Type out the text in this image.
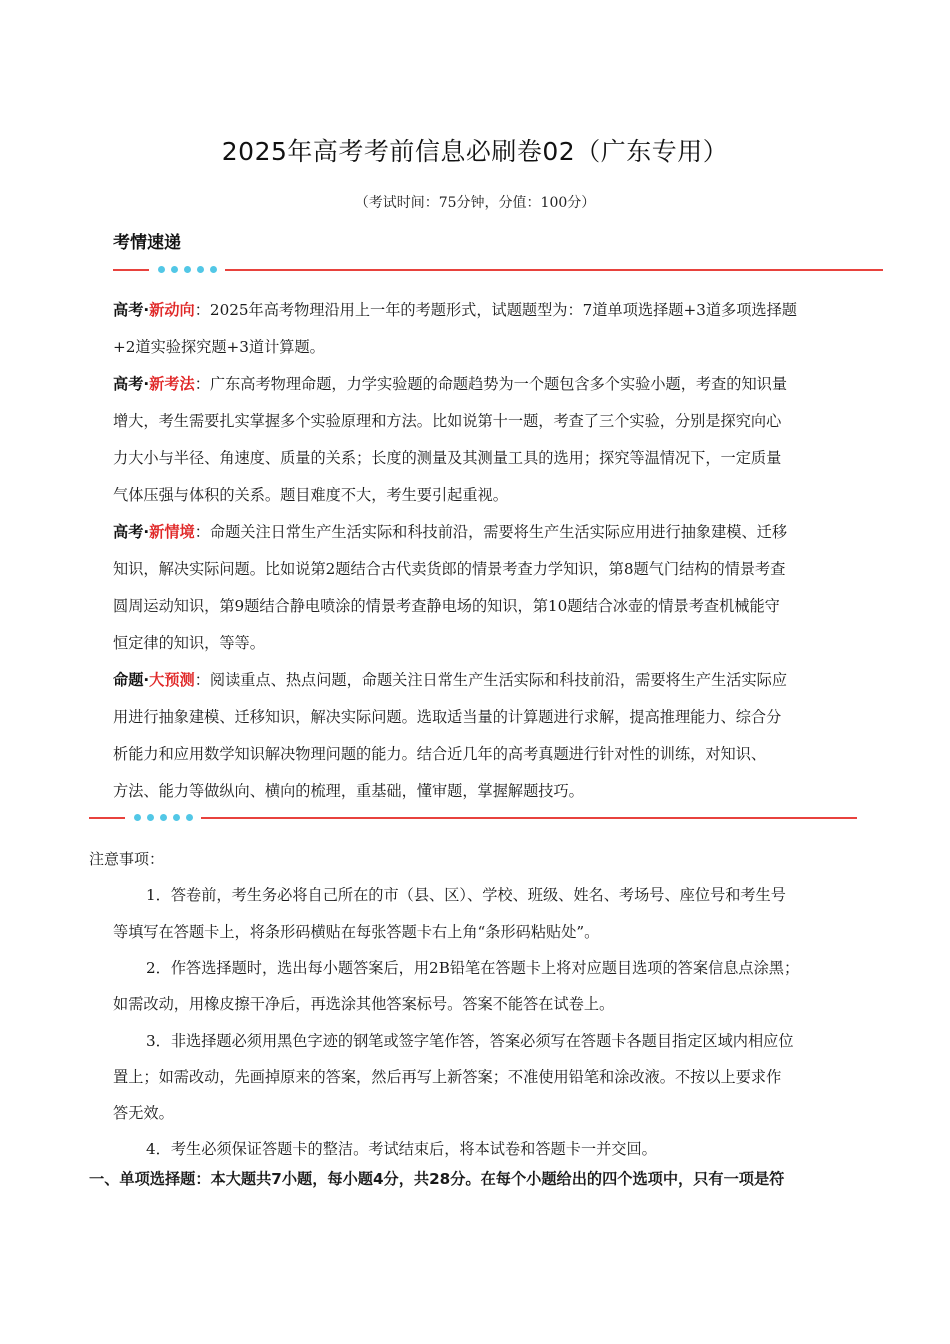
2025年高考考前信息必刷卷02（广东专用）
（考试时间：75分钟，分值：100分）
考情速递
高考·新动向：2025年高考物理沿用上一年的考题形式，试题题型为：7道单项选择题+3道多项选择题
+2道实验探究题+3道计算题。
高考·新考法：广东高考物理命题，力学实验题的命题趋势为一个题包含多个实验小题，考查的知识量
增大，考生需要扎实掌握多个实验原理和方法。比如说第十一题，考查了三个实验，分别是探究向心
力大小与半径、角速度、质量的关系；长度的测量及其测量工具的选用；探究等温情况下，一定质量
气体压强与体积的关系。题目难度不大，考生要引起重视。
高考·新情境：命题关注日常生产生活实际和科技前沿，需要将生产生活实际应用进行抽象建模、迁移
知识，解决实际问题。比如说第2题结合古代卖货郎的情景考查力学知识，第8题气门结构的情景考查
圆周运动知识，第9题结合静电喷涂的情景考查静电场的知识，第10题结合冰壶的情景考查机械能守
恒定律的知识，等等。
命题·大预测：阅读重点、热点问题，命题关注日常生产生活实际和科技前沿，需要将生产生活实际应
用进行抽象建模、迁移知识，解决实际问题。选取适当量的计算题进行求解，提高推理能力、综合分
析能力和应用数学知识解决物理问题的能力。结合近几年的高考真题进行针对性的训练，对知识、
方法、能力等做纵向、横向的梳理，重基础，懂审题，掌握解题技巧。
注意事项：
1．答卷前，考生务必将自己所在的市（县、区）、学校、班级、姓名、考场号、座位号和考生号
等填写在答题卡上，将条形码横贴在每张答题卡右上角“条形码粘贴处”。
2．作答选择题时，选出每小题答案后，用2B铅笔在答题卡上将对应题目选项的答案信息点涂黑；
如需改动，用橡皮擦干净后，再选涂其他答案标号。答案不能答在试卷上。
3．非选择题必须用黑色字迹的钢笔或签字笔作答，答案必须写在答题卡各题目指定区域内相应位
置上；如需改动，先画掉原来的答案，然后再写上新答案；不准使用铅笔和涂改液。不按以上要求作
答无效。
4．考生必须保证答题卡的整洁。考试结束后，将本试卷和答题卡一并交回。
一、单项选择题：本大题共7小题，每小题4分，共28分。在每个小题给出的四个选项中，只有一项是符
